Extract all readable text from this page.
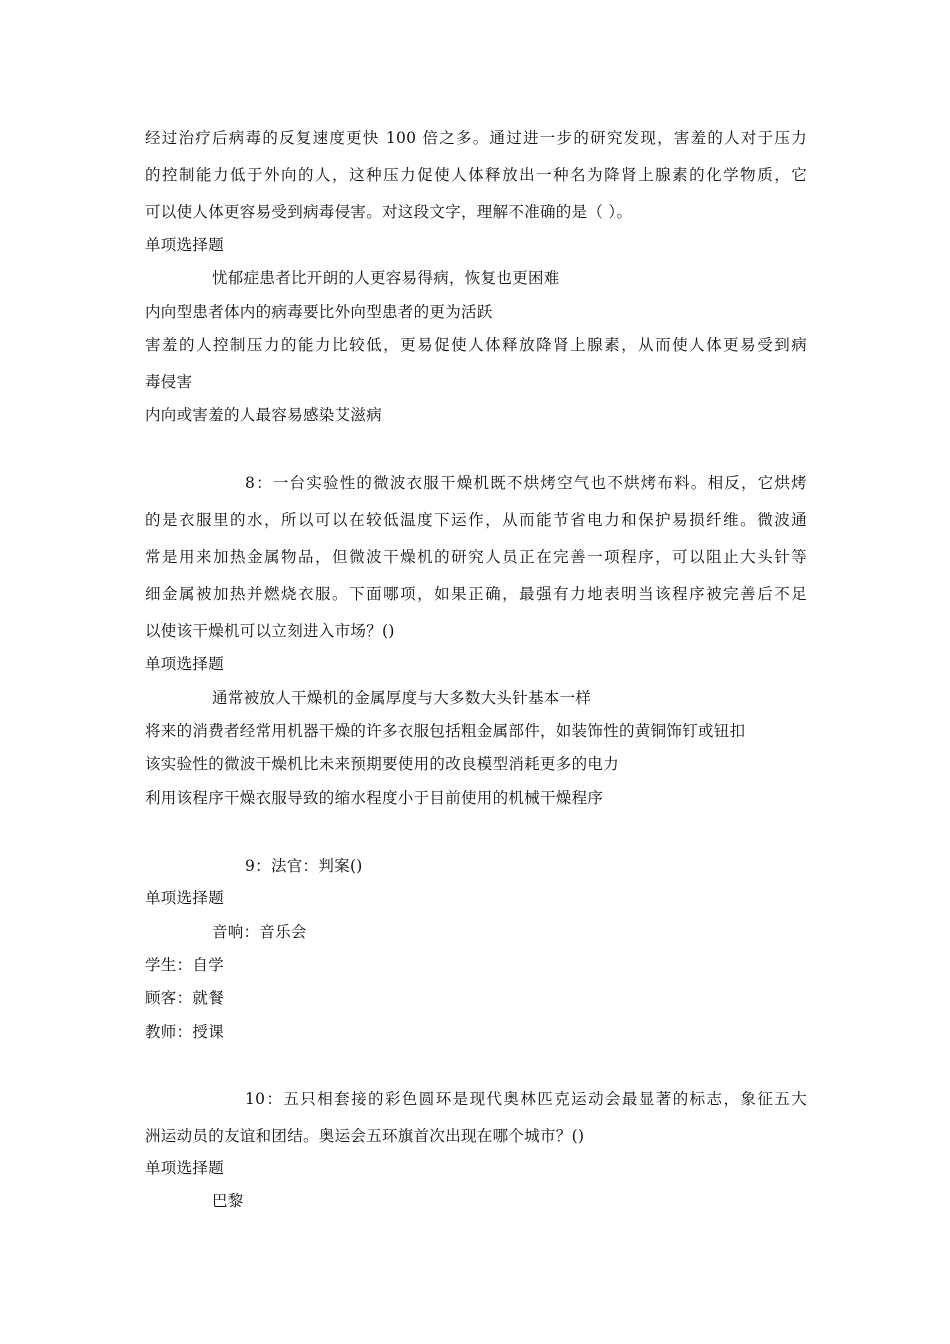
经过治疗后病毒的反复速度更快 100 倍之多。通过进一步的研究发现，害羞的人对于压力
的控制能力低于外向的人，这种压力促使人体释放出一种名为降肾上腺素的化学物质，它
可以使人体更容易受到病毒侵害。对这段文字，理解不准确的是（ ）。
单项选择题
忧郁症患者比开朗的人更容易得病，恢复也更困难
内向型患者体内的病毒要比外向型患者的更为活跃
害羞的人控制压力的能力比较低，更易促使人体释放降肾上腺素，从而使人体更易受到病
毒侵害
内向或害羞的人最容易感染艾滋病
8：一台实验性的微波衣服干燥机既不烘烤空气也不烘烤布料。相反，它烘烤
的是衣服里的水，所以可以在较低温度下运作，从而能节省电力和保护易损纤维。微波通
常是用来加热金属物品，但微波干燥机的研究人员正在完善一项程序，可以阻止大头针等
细金属被加热并燃烧衣服。下面哪项，如果正确，最强有力地表明当该程序被完善后不足
以使该干燥机可以立刻进入市场？()
单项选择题
通常被放人干燥机的金属厚度与大多数大头针基本一样
将来的消费者经常用机器干燥的许多衣服包括粗金属部件，如装饰性的黄铜饰钉或钮扣
该实验性的微波干燥机比未来预期要使用的改良模型消耗更多的电力
利用该程序干燥衣服导致的缩水程度小于目前使用的机械干燥程序
9：法官：判案()
单项选择题
音响：音乐会
学生：自学
顾客：就餐
教师：授课
10：五只相套接的彩色圆环是现代奥林匹克运动会最显著的标志，象征五大
洲运动员的友谊和团结。奥运会五环旗首次出现在哪个城市？()
单项选择题
巴黎
